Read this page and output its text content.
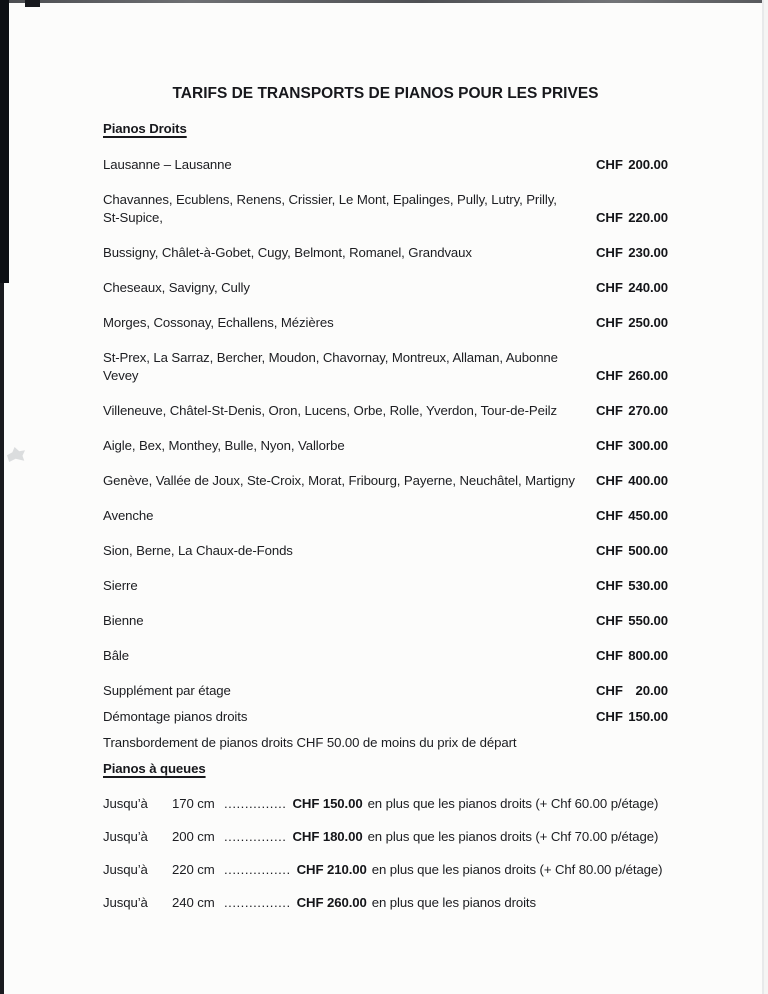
TARIFS DE TRANSPORTS DE PIANOS POUR LES PRIVES
Pianos Droits
Lausanne – Lausanne	CHF 200.00
Chavannes, Ecublens, Renens, Crissier, Le Mont, Epalinges, Pully, Lutry, Prilly,
St-Supice,	CHF 220.00
Bussigny, Châlet-à-Gobet, Cugy, Belmont, Romanel, Grandvaux	CHF 230.00
Cheseaux, Savigny, Cully	CHF 240.00
Morges, Cossonay, Echallens, Mézières	CHF 250.00
St-Prex, La Sarraz, Bercher, Moudon, Chavornay, Montreux, Allaman, Aubonne
Vevey	CHF 260.00
Villeneuve, Châtel-St-Denis, Oron, Lucens, Orbe, Rolle, Yverdon, Tour-de-Peilz	CHF 270.00
Aigle, Bex, Monthey, Bulle, Nyon, Vallorbe	CHF 300.00
Genève, Vallée de Joux, Ste-Croix, Morat, Fribourg, Payerne, Neuchâtel, Martigny	CHF 400.00
Avenche	CHF 450.00
Sion, Berne, La Chaux-de-Fonds	CHF 500.00
Sierre	CHF 530.00
Bienne	CHF 550.00
Bâle	CHF 800.00
Supplément par étage	CHF 20.00
Démontage pianos droits	CHF 150.00
Transbordement de pianos droits CHF 50.00 de moins du prix de départ
Pianos à queues
Jusqu’à	170 cm ............... CHF 150.00 en plus que les pianos droits (+ Chf 60.00 p/étage)
Jusqu’à	200 cm ............... CHF 180.00 en plus que les pianos droits (+ Chf 70.00 p/étage)
Jusqu’à	220 cm ................ CHF 210.00 en plus que les pianos droits (+ Chf 80.00 p/étage)
Jusqu’à	240 cm ................ CHF 260.00 en plus que les pianos droits
